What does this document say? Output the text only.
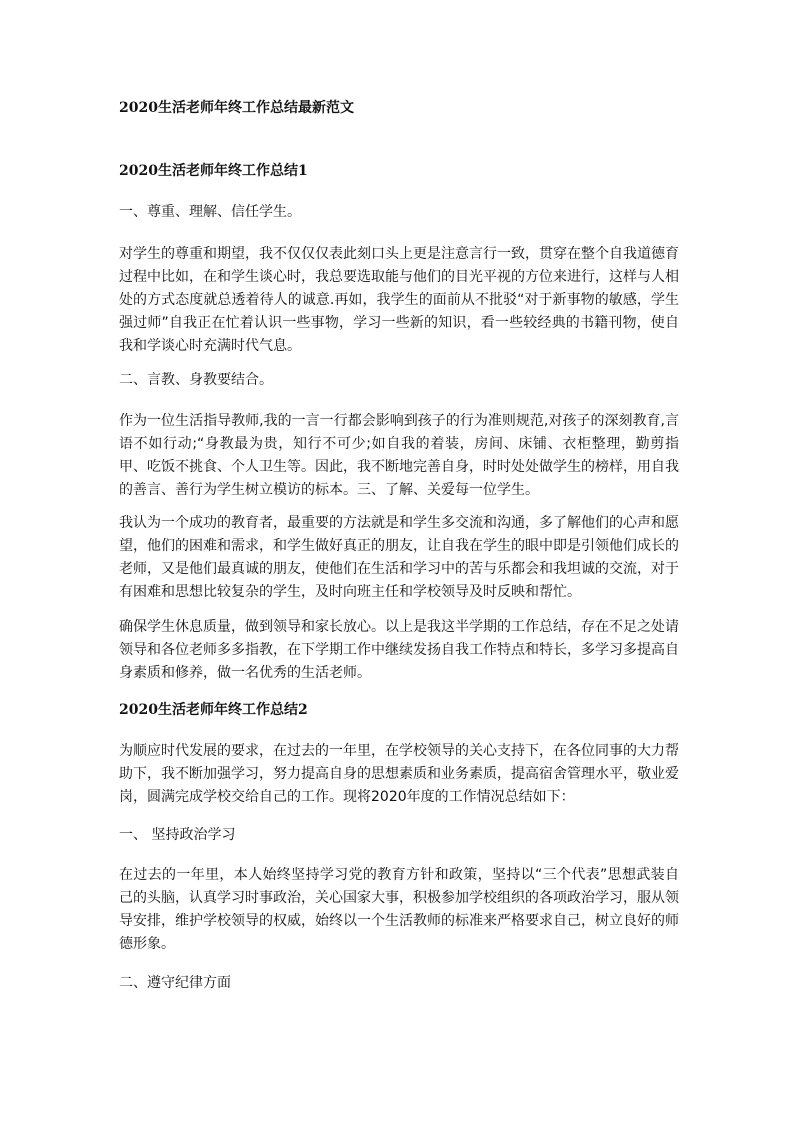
2020生活老师年终工作总结最新范文

2020生活老师年终工作总结1

一、尊重、理解、信任学生。

对学生的尊重和期望，我不仅仅仅表此刻口头上更是注意言行一致，贯穿在整个自我道德育过程中比如，在和学生谈心时，我总要选取能与他们的目光平视的方位来进行，这样与人相处的方式态度就总透着待人的诚意.再如，我学生的面前从不批驳“对于新事物的敏感，学生强过师”自我正在忙着认识一些事物，学习一些新的知识，看一些较经典的书籍刊物，使自我和学谈心时充满时代气息。

二、言教、身教要结合。

作为一位生活指导教师,我的一言一行都会影响到孩子的行为准则规范,对孩子的深刻教育,言语不如行动;“身教最为贵，知行不可少;如自我的着装，房间、床铺、衣柜整理，勤剪指甲、吃饭不挑食、个人卫生等。因此，我不断地完善自身，时时处处做学生的榜样，用自我的善言、善行为学生树立模访的标本。三、了解、关爱每一位学生。

我认为一个成功的教育者，最重要的方法就是和学生多交流和沟通，多了解他们的心声和愿望，他们的困难和需求，和学生做好真正的朋友，让自我在学生的眼中即是引领他们成长的老师，又是他们最真诚的朋友，使他们在生活和学习中的苦与乐都会和我坦诚的交流，对于有困难和思想比较复杂的学生，及时向班主任和学校领导及时反映和帮忙。

确保学生休息质量，做到领导和家长放心。以上是我这半学期的工作总结，存在不足之处请领导和各位老师多多指教，在下学期工作中继续发扬自我工作特点和特长，多学习多提高自身素质和修养，做一名优秀的生活老师。

2020生活老师年终工作总结2

为顺应时代发展的要求，在过去的一年里，在学校领导的关心支持下，在各位同事的大力帮助下，我不断加强学习，努力提高自身的思想素质和业务素质，提高宿舍管理水平，敬业爱岗，圆满完成学校交给自己的工作。现将2020年度的工作情况总结如下：

一、 坚持政治学习

在过去的一年里，本人始终坚持学习党的教育方针和政策，坚持以“三个代表”思想武装自己的头脑，认真学习时事政治，关心国家大事，积极参加学校组织的各项政治学习，服从领导安排，维护学校领导的权威，始终以一个生活教师的标准来严格要求自己，树立良好的师德形象。

二、遵守纪律方面
